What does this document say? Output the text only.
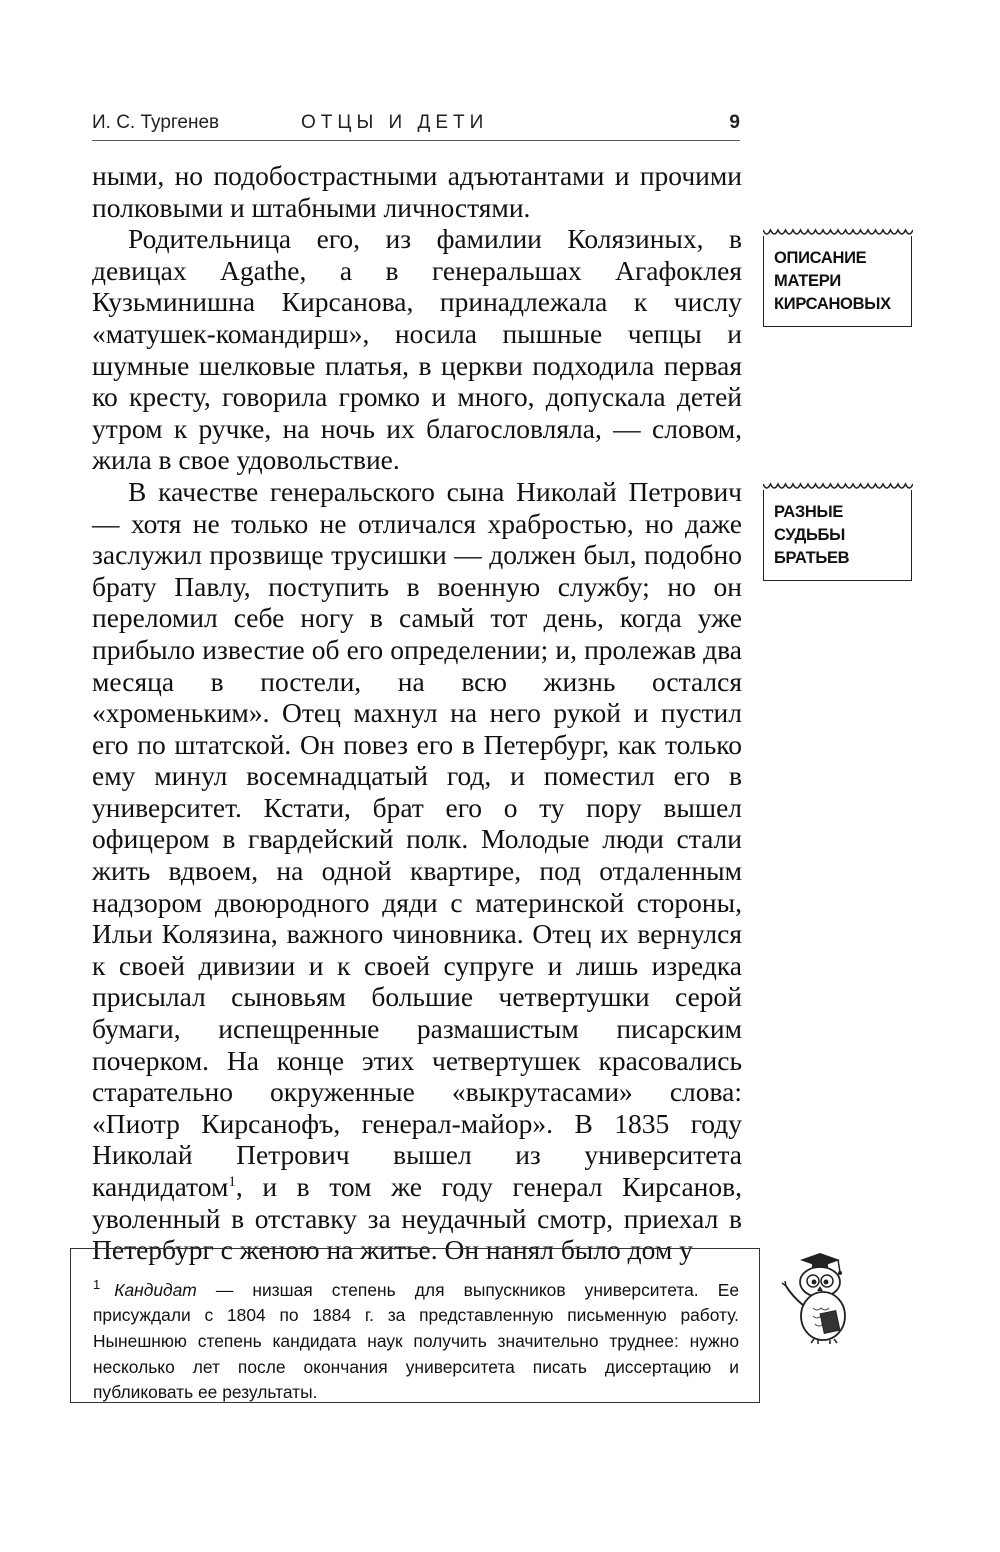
И. С. Тургенев	ОТЦЫ И ДЕТИ	9

ными, но подобострастными адъютантами и прочими полковыми и штабными личностями.

Родительница его, из фамилии Колязиных, в девицах Agathe, а в генеральшах Агафоклея Кузьминишна Кирсанова, принадлежала к числу «матушек-командирш», носила пышные чепцы и шумные шелковые платья, в церкви подходила первая ко кресту, говорила громко и много, допускала детей утром к ручке, на ночь их благословляла, — словом, жила в свое удовольствие.

В качестве генеральского сына Николай Петрович — хотя не только не отличался храбростью, но даже заслужил прозвище трусишки — должен был, подобно брату Павлу, поступить в военную службу; но он переломил себе ногу в самый тот день, когда уже прибыло известие об его определении; и, пролежав два месяца в постели, на всю жизнь остался «хроменьким». Отец махнул на него рукой и пустил его по штатской. Он повез его в Петербург, как только ему минул восемнадцатый год, и поместил его в университет. Кстати, брат его о ту пору вышел офицером в гвардейский полк. Молодые люди стали жить вдвоем, на одной квартире, под отдаленным надзором двоюродного дяди с материнской стороны, Ильи Колязина, важного чиновника. Отец их вернулся к своей дивизии и к своей супруге и лишь изредка присылал сыновьям большие четвертушки серой бумаги, испещренные размашистым писарским почерком. На конце этих четвертушек красовались старательно окруженные «выкрутасами» слова: «Пиотр Кирсанофъ, генерал-майор». В 1835 году Николай Петрович вышел из университета кандидатом$^1$, и в том же году генерал Кирсанов, уволенный в отставку за неудачный смотр, приехал в Петербург с женою на житье. Он нанял было дом у

ОПИСАНИЕ МАТЕРИ КИРСАНОВЫХ
РАЗНЫЕ СУДЬБЫ БРАТЬЕВ
$^1$ Кандидат — низшая степень для выпускников университета. Ее присуждали с 1804 по 1884 г. за представленную письменную работу. Нынешнюю степень кандидата наук получить значительно труднее: нужно несколько лет после окончания университета писать диссертацию и публиковать ее результаты.
